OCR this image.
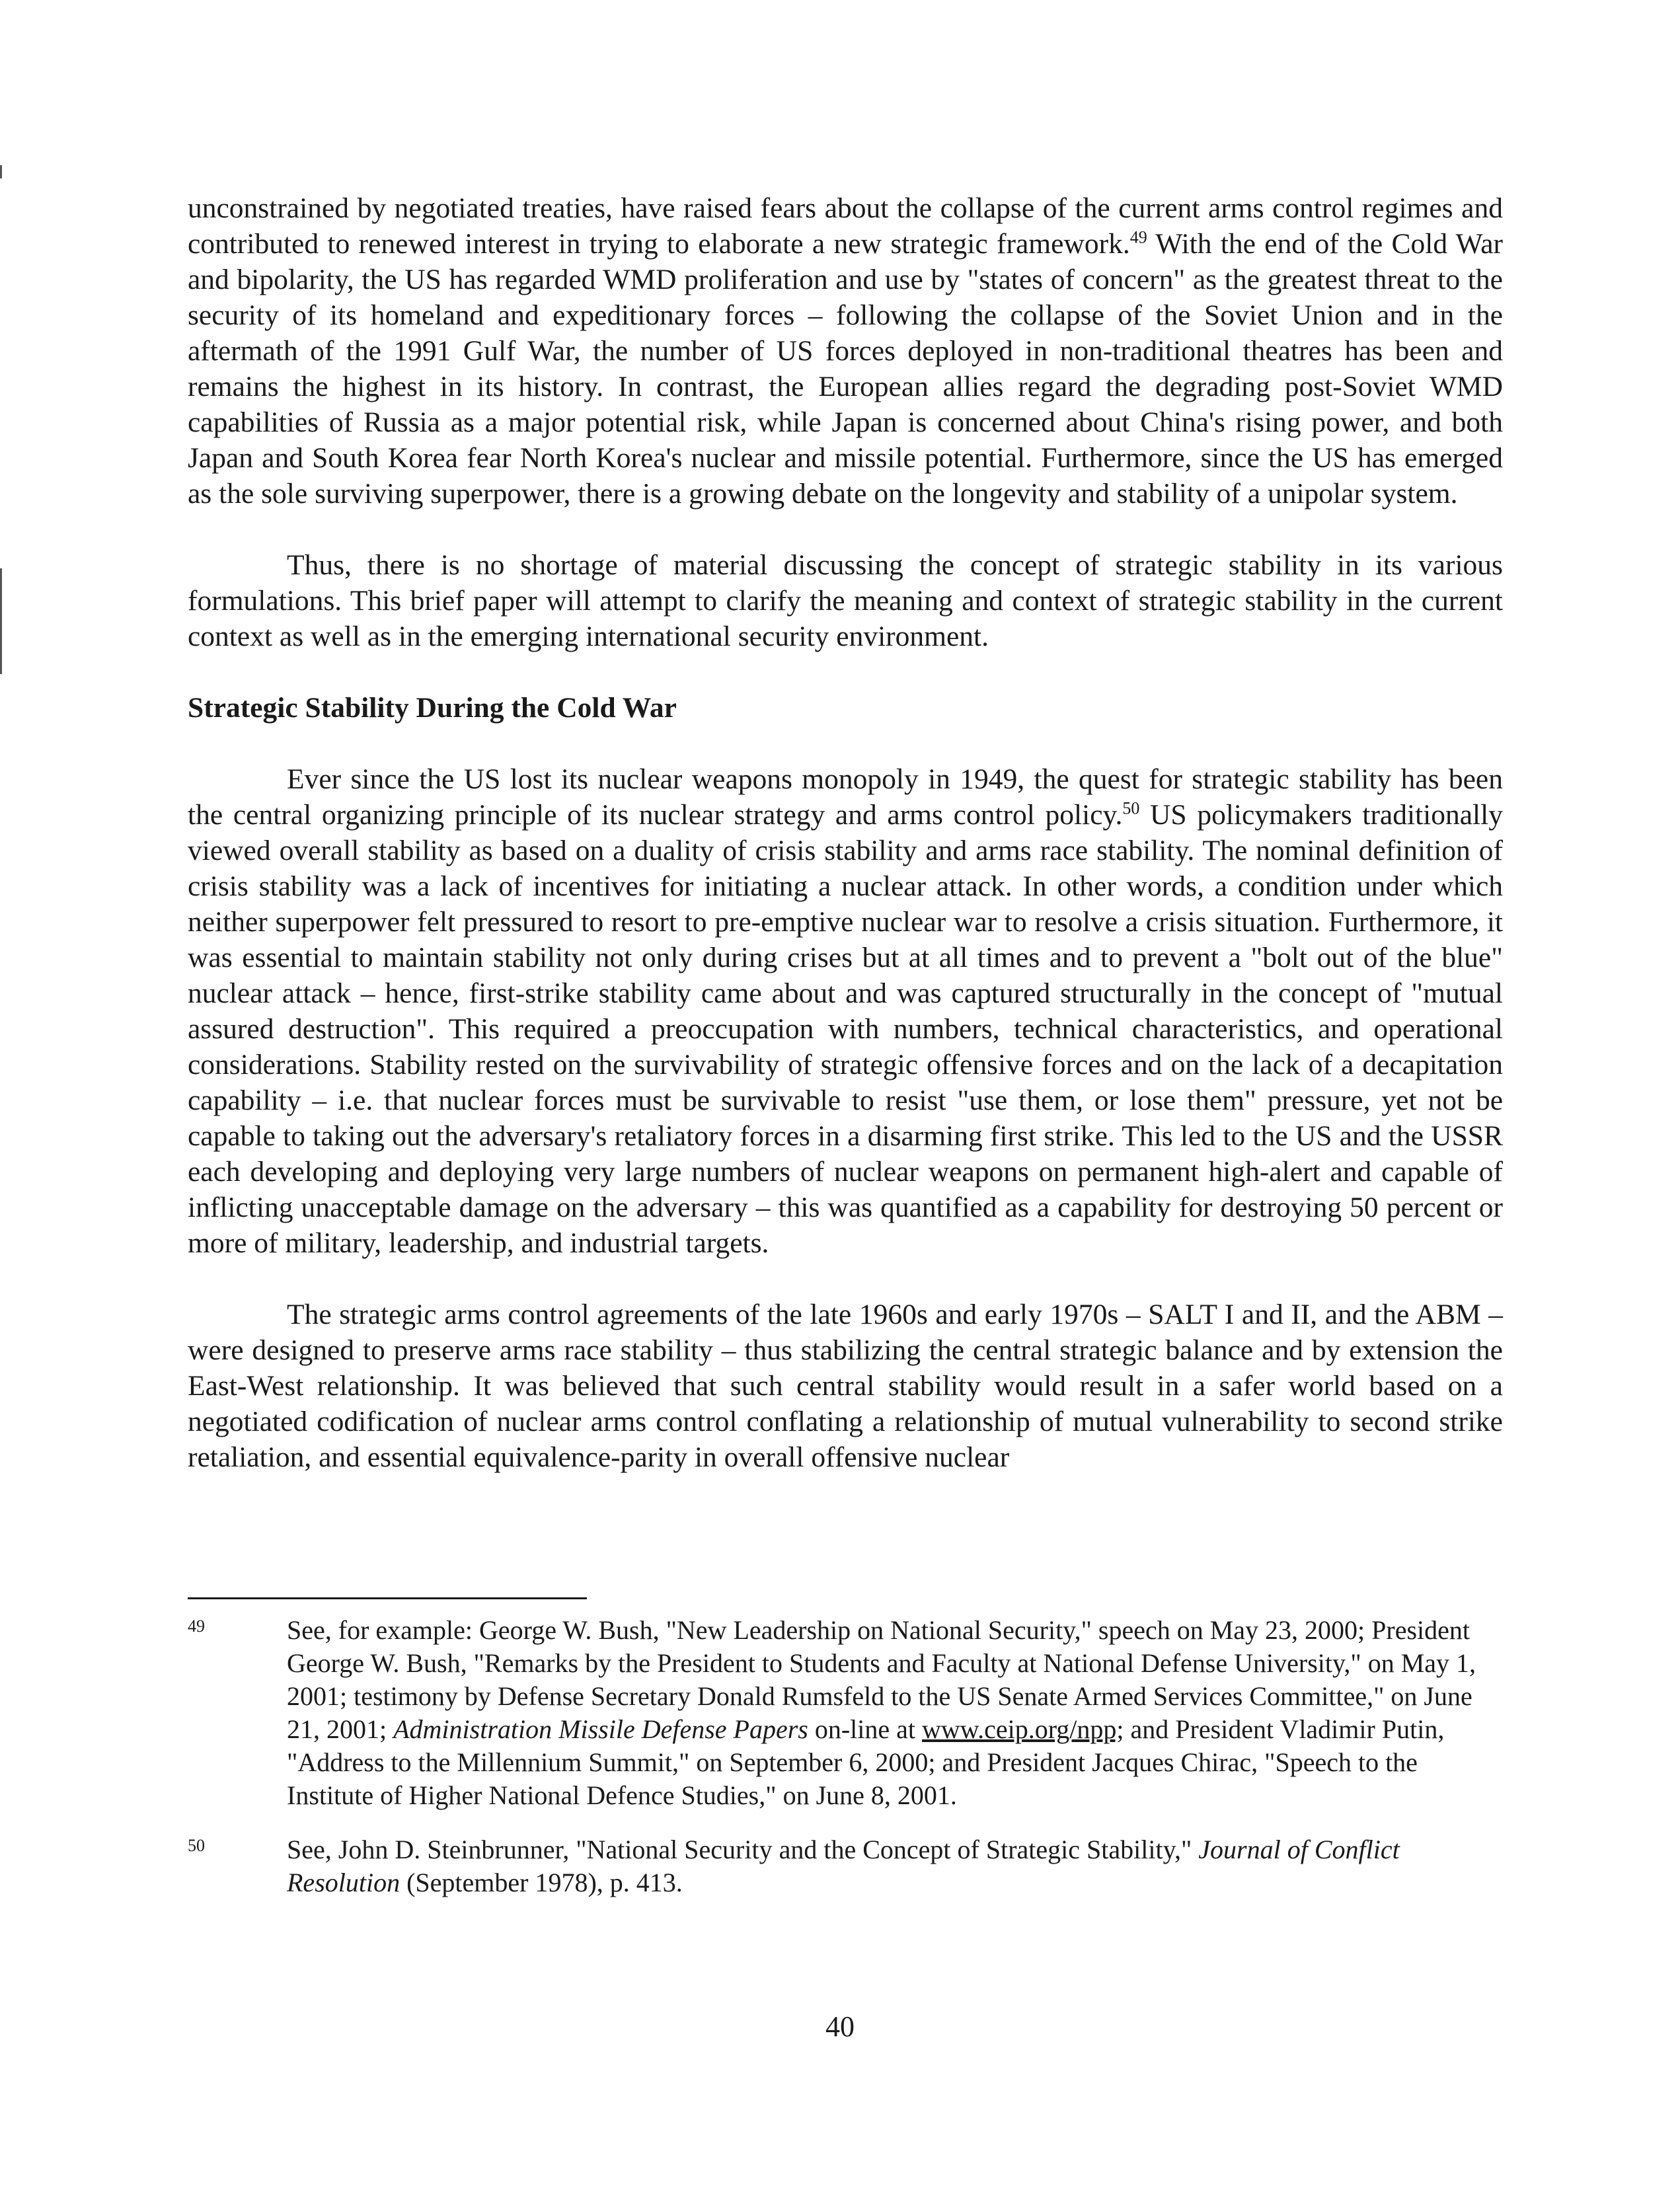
unconstrained by negotiated treaties, have raised fears about the collapse of the current arms control regimes and contributed to renewed interest in trying to elaborate a new strategic framework.$^{49}$ With the end of the Cold War and bipolarity, the US has regarded WMD proliferation and use by "states of concern" as the greatest threat to the security of its homeland and expeditionary forces – following the collapse of the Soviet Union and in the aftermath of the 1991 Gulf War, the number of US forces deployed in non-traditional theatres has been and remains the highest in its history. In contrast, the European allies regard the degrading post-Soviet WMD capabilities of Russia as a major potential risk, while Japan is concerned about China's rising power, and both Japan and South Korea fear North Korea's nuclear and missile potential. Furthermore, since the US has emerged as the sole surviving superpower, there is a growing debate on the longevity and stability of a unipolar system.

Thus, there is no shortage of material discussing the concept of strategic stability in its various formulations. This brief paper will attempt to clarify the meaning and context of strategic stability in the current context as well as in the emerging international security environment.

Strategic Stability During the Cold War

Ever since the US lost its nuclear weapons monopoly in 1949, the quest for strategic stability has been the central organizing principle of its nuclear strategy and arms control policy.$^{50}$ US policymakers traditionally viewed overall stability as based on a duality of crisis stability and arms race stability. The nominal definition of crisis stability was a lack of incentives for initiating a nuclear attack. In other words, a condition under which neither superpower felt pressured to resort to pre-emptive nuclear war to resolve a crisis situation. Furthermore, it was essential to maintain stability not only during crises but at all times and to prevent a "bolt out of the blue" nuclear attack – hence, first-strike stability came about and was captured structurally in the concept of "mutual assured destruction". This required a preoccupation with numbers, technical characteristics, and operational considerations. Stability rested on the survivability of strategic offensive forces and on the lack of a decapitation capability – i.e. that nuclear forces must be survivable to resist "use them, or lose them" pressure, yet not be capable to taking out the adversary's retaliatory forces in a disarming first strike. This led to the US and the USSR each developing and deploying very large numbers of nuclear weapons on permanent high-alert and capable of inflicting unacceptable damage on the adversary – this was quantified as a capability for destroying 50 percent or more of military, leadership, and industrial targets.

The strategic arms control agreements of the late 1960s and early 1970s – SALT I and II, and the ABM – were designed to preserve arms race stability – thus stabilizing the central strategic balance and by extension the East-West relationship. It was believed that such central stability would result in a safer world based on a negotiated codification of nuclear arms control conflating a relationship of mutual vulnerability to second strike retaliation, and essential equivalence-parity in overall offensive nuclear

49	See, for example: George W. Bush, "New Leadership on National Security," speech on May 23, 2000; President George W. Bush, "Remarks by the President to Students and Faculty at National Defense University," on May 1, 2001; testimony by Defense Secretary Donald Rumsfeld to the US Senate Armed Services Committee," on June 21, 2001; Administration Missile Defense Papers on-line at www.ceip.org/npp; and President Vladimir Putin, "Address to the Millennium Summit," on September 6, 2000; and President Jacques Chirac, "Speech to the Institute of Higher National Defence Studies," on June 8, 2001.
50	See, John D. Steinbrunner, "National Security and the Concept of Strategic Stability," Journal of Conflict Resolution (September 1978), p. 413.
40
